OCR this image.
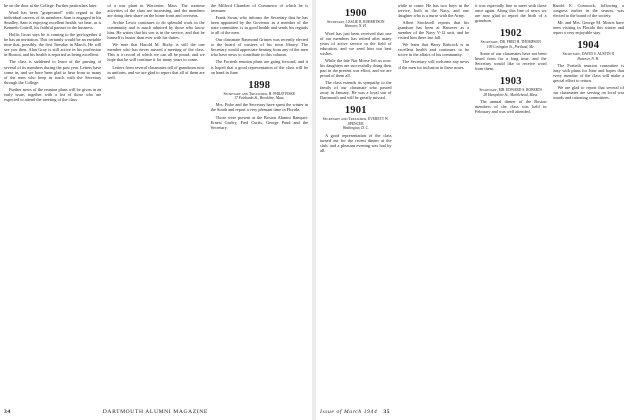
be on the door at the College. Further particulars later.

Word has been "grapevined" with regard to the individual careers of its members. Sam is engaged in his Smalley, Sam is enjoying excellent health, we hear, as is Kenneth Cottrill, his faithful partner in the business.

Hollis Gross says he is coming to the get-together if he has an invitation. This certainly would be an enviable time that, possibly, the first Tuesday in March. He will see you then. Alan Gray is still active in his profession in Boston, and his health is reported as being excellent.

The class is saddened to learn of the passing of several of its members during the past year. Letters have come in, and we have been glad to hear from so many of the men who keep in touch with the Secretary through the College.

Further news of the reunion plans will be given in an early issue, together with a list of those who are expected to attend the meeting of the class.

of a war plant in Worcester, Mass. The wartime activities of the class are increasing, and the members are doing their share on the home front and overseas.

Archie Lewis continues to do splendid work in the community and is much admired by those who know him. He writes that his son is in the service, and that he himself is busier than ever with his duties.

We note that Harold M. Bixby is still the one member who has never missed a meeting of the class. This is a record of which we can all be proud, and we hope that he will continue it for many years to come.

Letters from several classmates tell of grandsons now in uniform, and we are glad to report that all of them are well.

the Milford Chamber of Commerce of which he is treasurer.

Frank Swan, who informs the Secretary that he has been appointed by the Governor as a member of the state committee, is in good health and sends his regards to all of the men.

Our classmate Raymond Grimes was recently elected to the board of trustees of his town library. The Secretary would appreciate hearing from any of the men who have news to contribute to this column.

The Fortieth reunion plans are going forward, and it is hoped that a good representation of the class will be on hand in June.

1898
Secretary and Treasurer, H. PHILIP FISKE
37 Fairbanks St., Brookline, Mass.

Mrs. Fiske and the Secretary have spent the winter in the South and report a very pleasant time in Florida.

Those were present at the Boston Alumni Banquet: Ernest Gurley, Fred Curtis, George Pond and the Secretary.

34	DARTMOUTH ALUMNI MAGAZINE
1900
Secretary, LESLIE R. ROBERTSON
Hanover, N. H.

Word has just been received that one of our members has retired after many years of active service in the field of education, and we send him our best wishes.

While the late Nat Morse left us now, his daughters are successfully doing their part in the present war effort, and we are proud of them all.

The class extends its sympathy to the family of our classmate who passed away in January. He was a loyal son of Dartmouth and will be greatly missed.

1901
Secretary and Treasurer, EVERETT W. SPENCER
Washington, D. C.

A good representation of the class turned out for the recent dinner at the club, and a pleasant evening was had by all.

while to come. He has two boys in the service, both in the Navy, and one daughter who is a nurse with the Army.

Albert Stockwell reports that his grandson has been at Hanover as a member of the Navy V-12 unit, and he visited him there last fall.

We learn that Harry Babcock is in excellent health and continues to be active in the affairs of his community.

The Secretary will welcome any news of the men for inclusion in these notes.

it was especially fine to meet with those once again. Along this line of news we are now glad to report the birth of a grandson.

1902
Secretary, DR. FRED H. THOMPSON
109 Covington St., Portland, Me.

Some of our classmates have not been heard from for a long time, and the Secretary would like to receive word from them.

1903
Secretary, MR. EDWARD S. ROBERTS
28 Hampshire St., Marblehead, Mass.

The annual dinner of the Boston members of the class was held in February and was well attended.

Harold E. Comstock, following a congress earlier in the season, was elected to the board of the society.

Mr. and Mrs. George M. Morris have been visiting in Florida this winter and report a very enjoyable stay.

1904
Secretary, DAVID S. AUSTIN II
Hanover, N. H.

The Fortieth reunion committee is busy with plans for June and hopes that every member of the class will make a special effort to return.

We are glad to report that several of our classmates are serving on local war boards and rationing committees.

Issue of March 1944 35
